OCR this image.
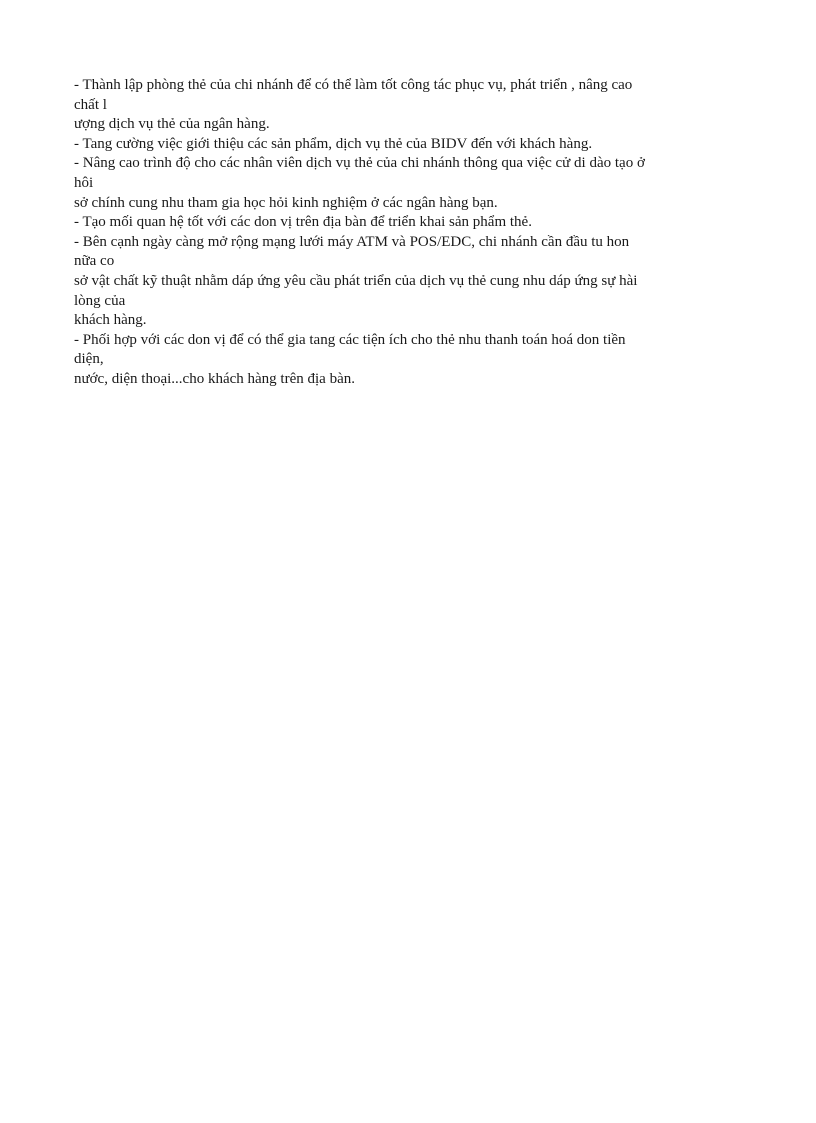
- Thành lập phòng thẻ của chi nhánh để có thể làm tốt công tác phục vụ, phát triển , nâng cao
chất l
ượng dịch vụ thẻ của ngân hàng.
- Tang cường việc giới thiệu các sản phẩm, dịch vụ thẻ của BIDV đến với khách hàng.
- Nâng cao trình độ cho các nhân viên dịch vụ thẻ của chi nhánh thông qua việc cử di dào tạo ở
hôi
sở chính cung nhu tham gia học hỏi kinh nghiệm ở các ngân hàng bạn.
- Tạo mối quan hệ tốt với các don vị trên địa bàn để triển khai sản phẩm thẻ.
- Bên cạnh ngày càng mở rộng mạng lưới máy ATM và POS/EDC, chi nhánh cần đầu tu hon
nữa co
sở vật chất kỹ thuật nhằm dáp ứng yêu cầu phát triển của dịch vụ thẻ cung nhu dáp ứng sự hài
lòng của
khách hàng.
- Phối hợp với các don vị để có thể gia tang các tiện ích cho thẻ nhu thanh toán hoá don tiền
diện,
nước, diện thoại...cho khách hàng trên địa bàn.
